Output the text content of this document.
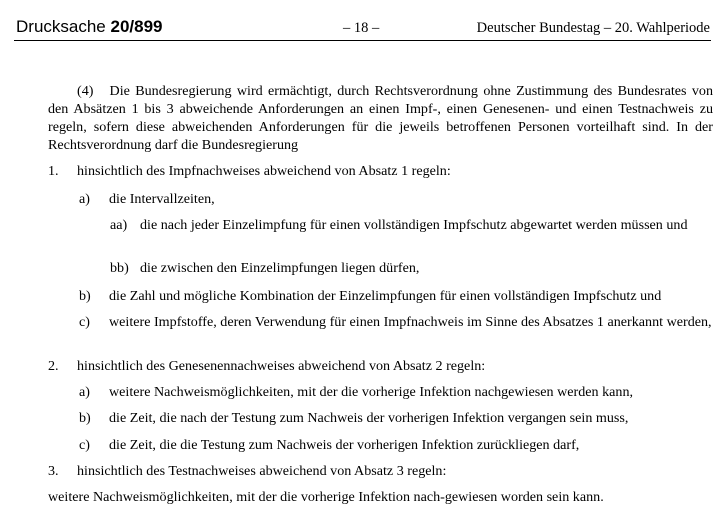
Drucksache 20/899	– 18 –	Deutscher Bundestag – 20. Wahlperiode
(4) Die Bundesregierung wird ermächtigt, durch Rechtsverordnung ohne Zustimmung des Bundesrates von den Absätzen 1 bis 3 abweichende Anforderungen an einen Impf-, einen Genesenen- und einen Testnachweis zu regeln, sofern diese abweichenden Anforderungen für die jeweils betroffenen Personen vorteilhaft sind. In der Rechtsverordnung darf die Bundesregierung
1. hinsichtlich des Impfnachweises abweichend von Absatz 1 regeln:
a) die Intervallzeiten,
aa) die nach jeder Einzelimpfung für einen vollständigen Impfschutz abgewartet werden müssen und
bb) die zwischen den Einzelimpfungen liegen dürfen,
b) die Zahl und mögliche Kombination der Einzelimpfungen für einen vollständigen Impfschutz und
c) weitere Impfstoffe, deren Verwendung für einen Impfnachweis im Sinne des Absatzes 1 anerkannt werden,
2. hinsichtlich des Genesenennachweises abweichend von Absatz 2 regeln:
a) weitere Nachweismöglichkeiten, mit der die vorherige Infektion nachgewiesen werden kann,
b) die Zeit, die nach der Testung zum Nachweis der vorherigen Infektion vergangen sein muss,
c) die Zeit, die die Testung zum Nachweis der vorherigen Infektion zurückliegen darf,
3. hinsichtlich des Testnachweises abweichend von Absatz 3 regeln:
weitere Nachweismöglichkeiten, mit der die vorherige Infektion nach-gewiesen worden sein kann.
